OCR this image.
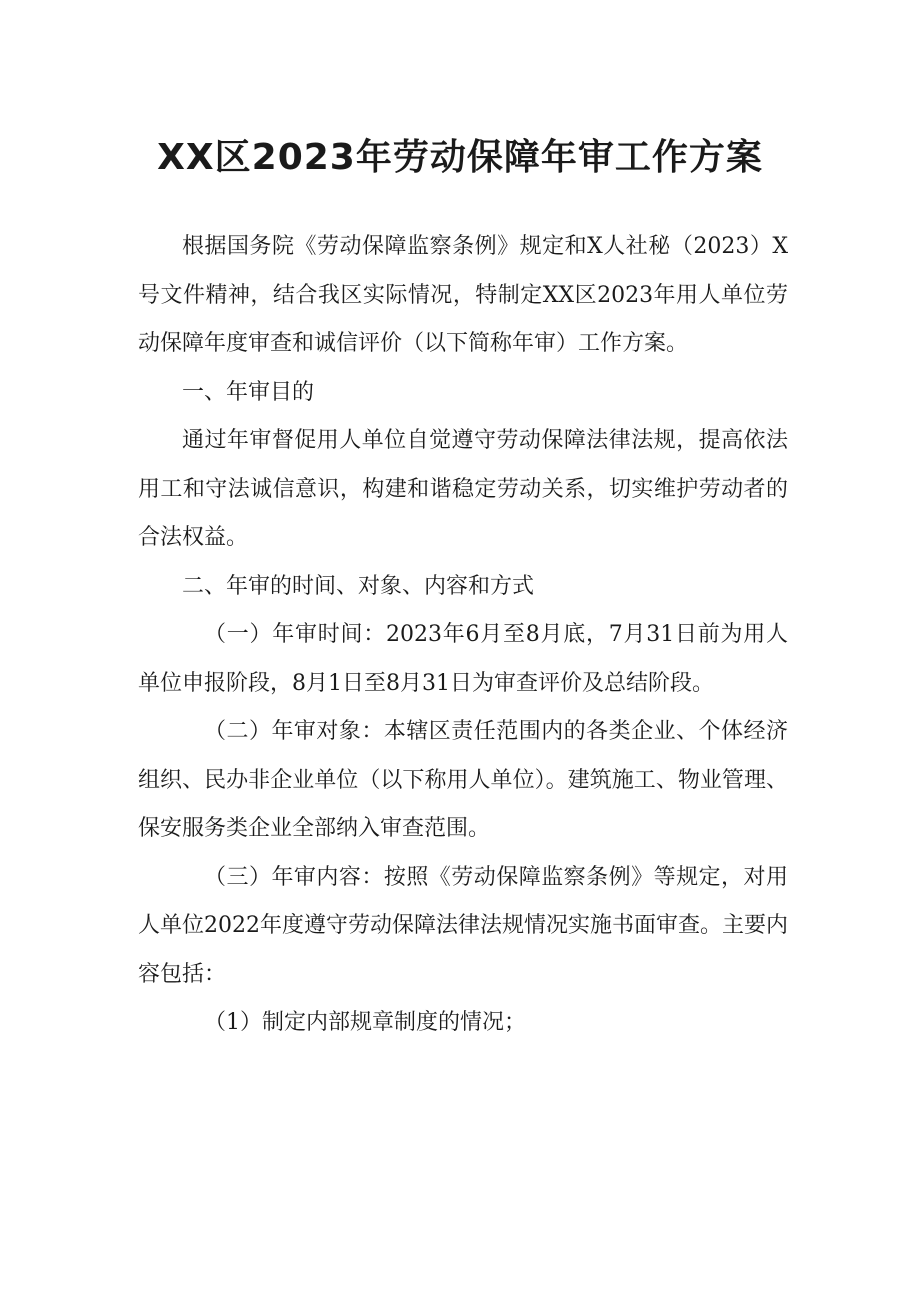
XX区2023年劳动保障年审工作方案

根据国务院《劳动保障监察条例》规定和X人社秘（2023）X号文件精神，结合我区实际情况，特制定XX区2023年用人单位劳动保障年度审查和诚信评价（以下简称年审）工作方案。

一、年审目的

通过年审督促用人单位自觉遵守劳动保障法律法规，提高依法用工和守法诚信意识，构建和谐稳定劳动关系，切实维护劳动者的合法权益。

二、年审的时间、对象、内容和方式

（一）年审时间：2023年6月至8月底，7月31日前为用人单位申报阶段，8月1日至8月31日为审查评价及总结阶段。

（二）年审对象：本辖区责任范围内的各类企业、个体经济组织、民办非企业单位（以下称用人单位）。建筑施工、物业管理、保安服务类企业全部纳入审查范围。

（三）年审内容：按照《劳动保障监察条例》等规定，对用人单位2022年度遵守劳动保障法律法规情况实施书面审查。主要内容包括：

（1）制定内部规章制度的情况；
